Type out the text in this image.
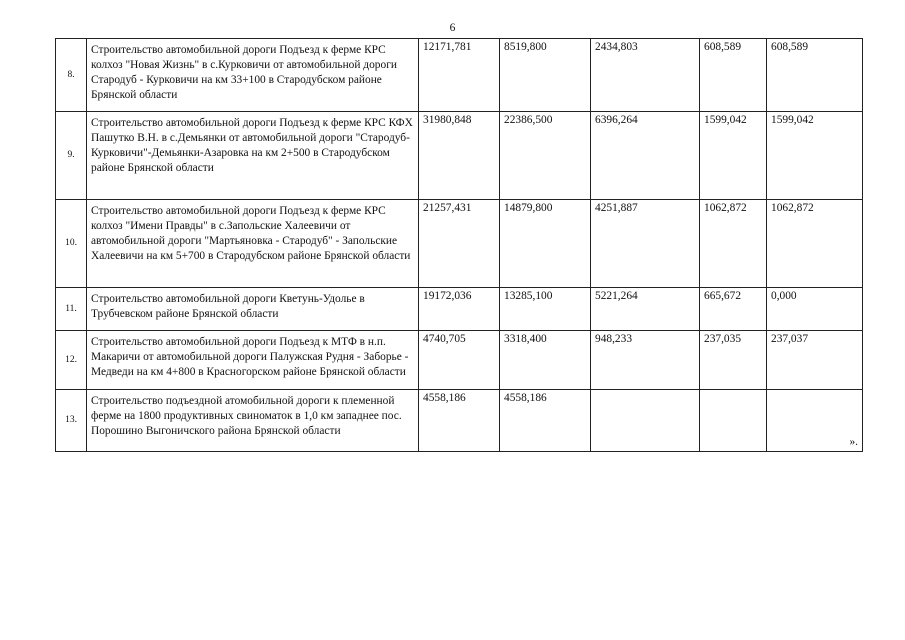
6
8.	Строительство автомобильной дороги Подъезд к ферме КРС колхоз "Новая Жизнь" в с.Курковичи от автомобильной дороги Стародуб - Курковичи на км 33+100 в Стародубском районе Брянской области	12171,781	8519,800	2434,803	608,589	608,589
9.	Строительство автомобильной дороги Подъезд к ферме КРС КФХ Пашутко В.Н. в с.Демьянки от автомобильной дороги "Стародуб-Курковичи"-Демьянки-Азаровка на км 2+500 в Стародубском районе Брянской области	31980,848	22386,500	6396,264	1599,042	1599,042
10.	Строительство автомобильной дороги Подъезд к ферме КРС колхоз "Имени Правды" в с.Запольские Халеевичи от автомобильной дороги "Мартьяновка - Стародуб" - Запольские Халеевичи на км 5+700 в Стародубском районе Брянской области	21257,431	14879,800	4251,887	1062,872	1062,872
11.	Строительство автомобильной дороги Кветунь-Удолье в Трубчевском районе Брянской области	19172,036	13285,100	5221,264	665,672	0,000
12.	Строительство автомобильной дороги Подъезд к МТФ в н.п. Макаричи от автомобильной дороги Палужская Рудня - Заборье - Медведи на км 4+800 в Красногорском районе Брянской области	4740,705	3318,400	948,233	237,035	237,037
13.	Строительство подъездной атомобильной дороги к племенной ферме на 1800 продуктивных свиноматок в 1,0 км западнее пос. Порошино Выгоничского района Брянской области	4558,186	4558,186			».
